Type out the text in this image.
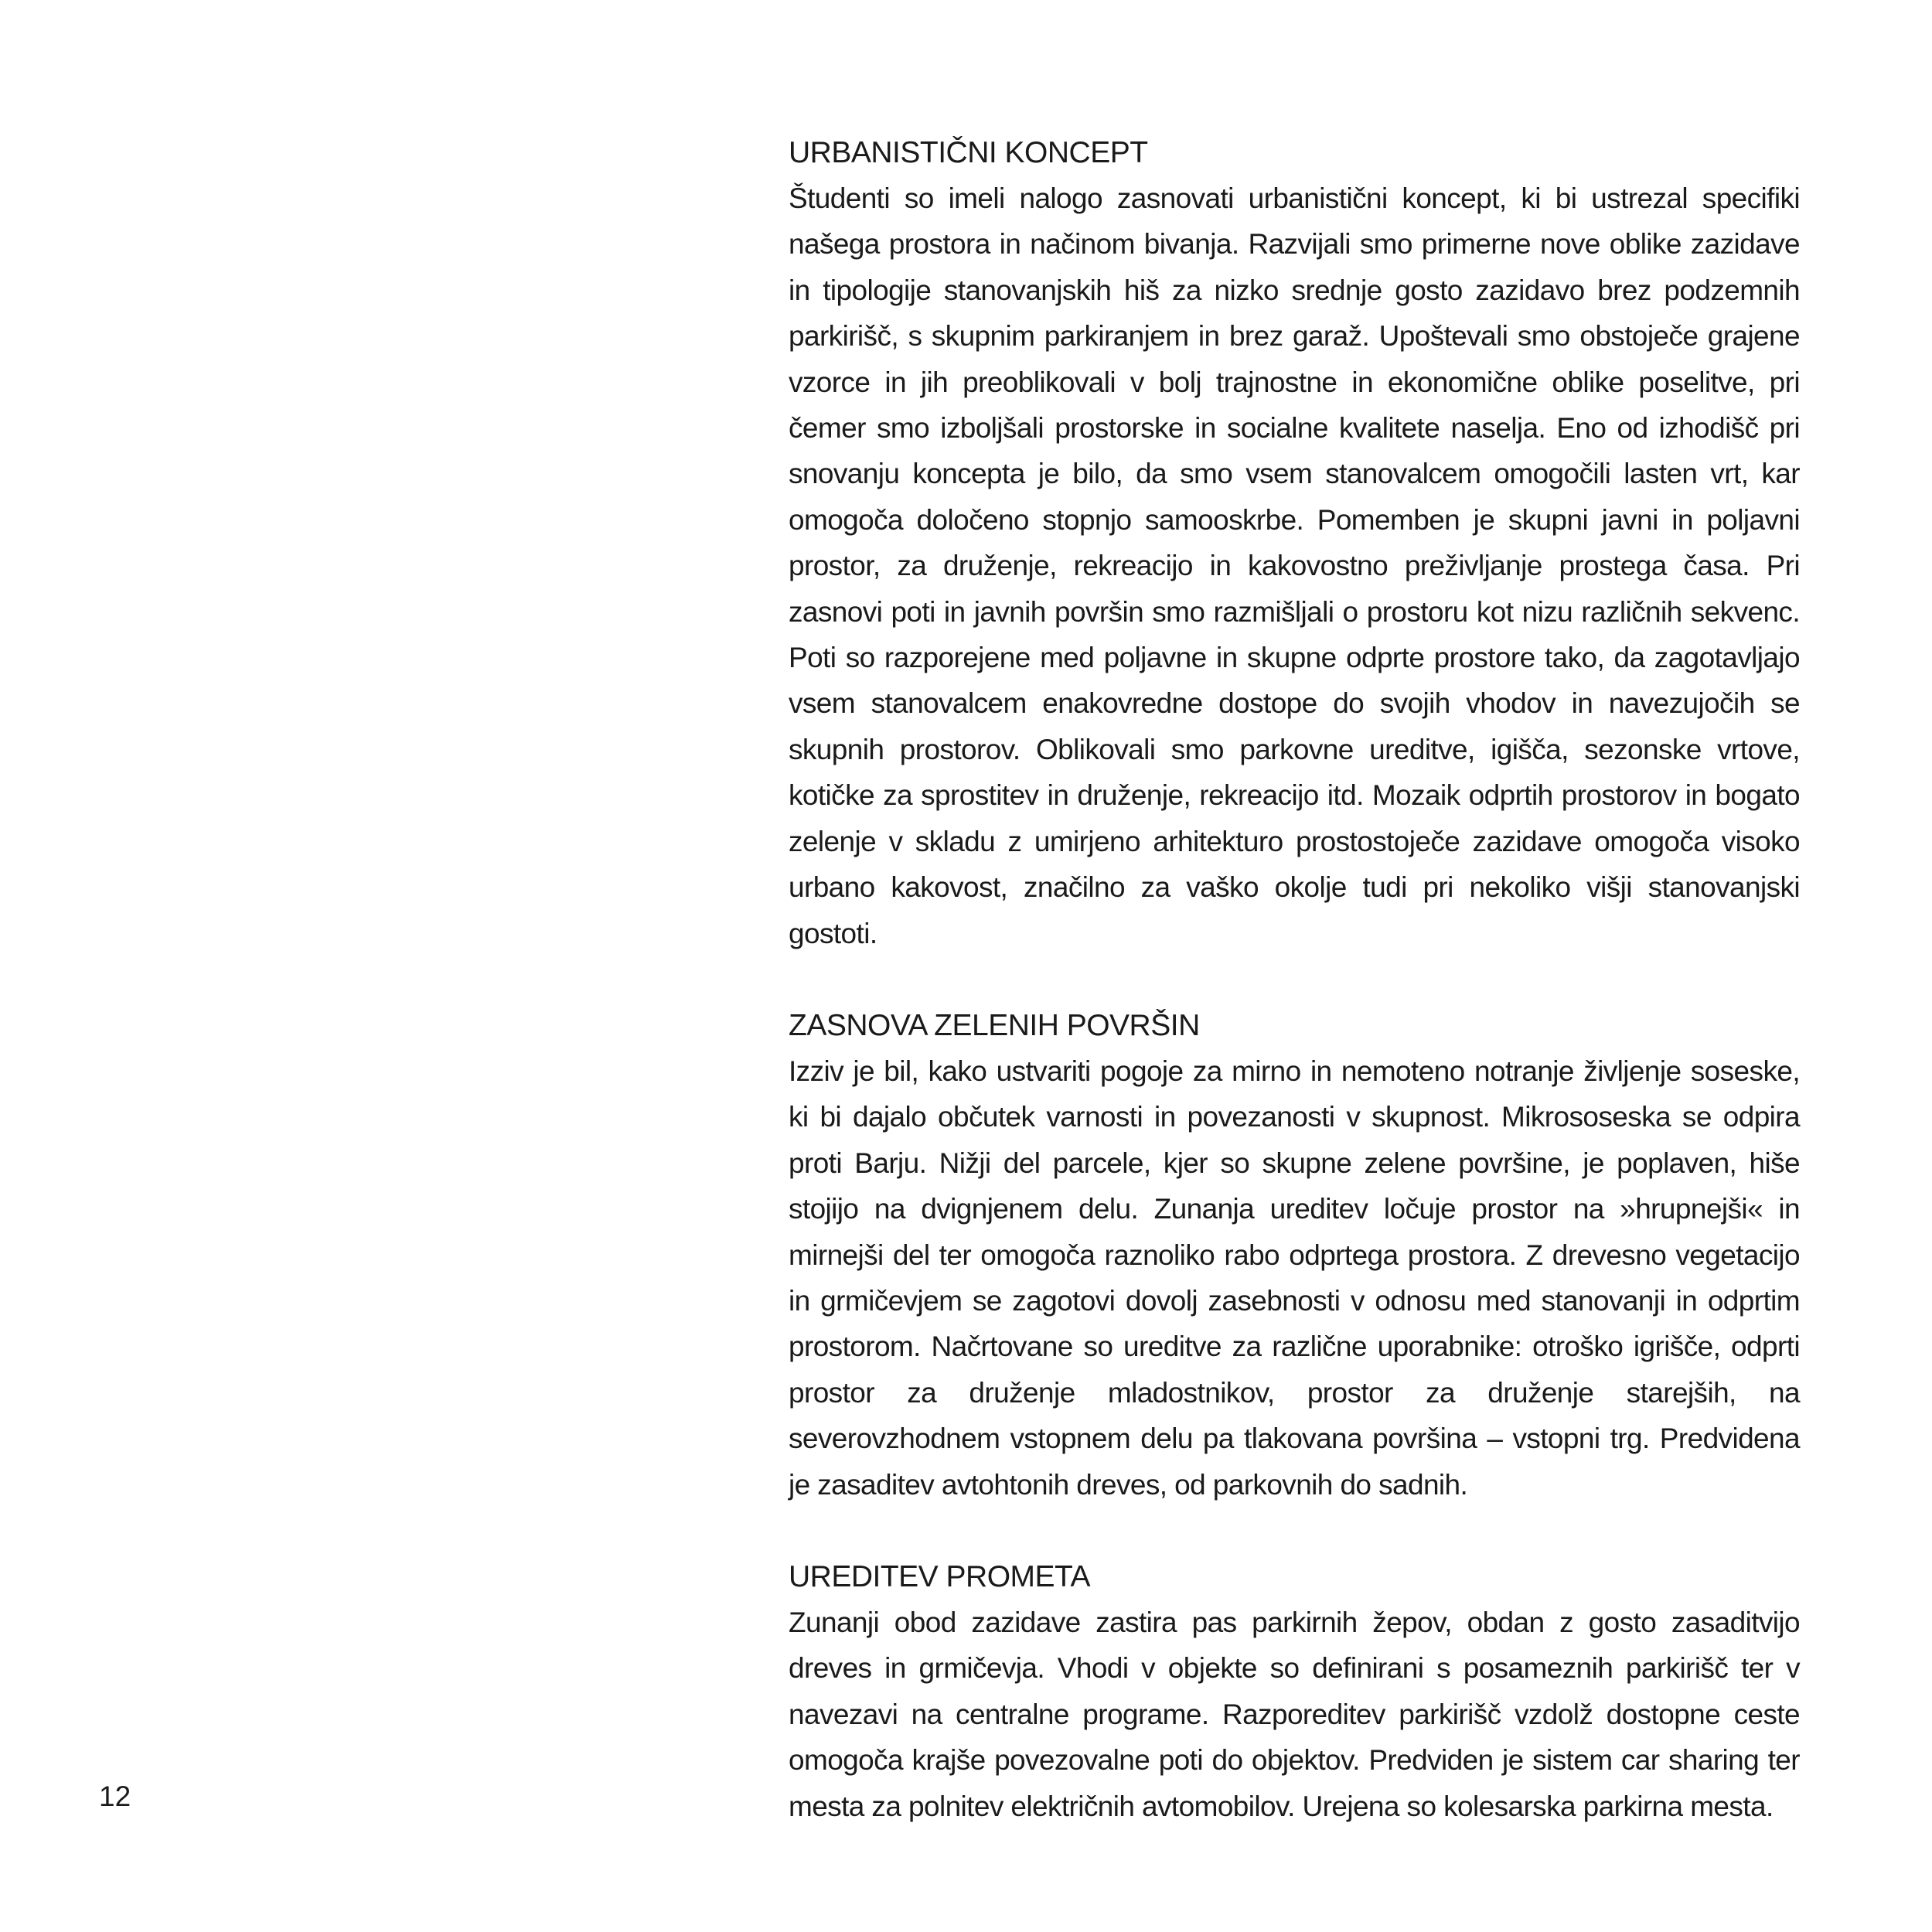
URBANISTIČNI KONCEPT

Študenti so imeli nalogo zasnovati urbanistični koncept, ki bi ustrezal specifiki našega prostora in načinom bivanja. Razvijali smo primerne nove oblike zazidave in tipologije stanovanjskih hiš za nizko srednje gosto zazidavo brez podzemnih parkirišč, s skupnim parkiranjem in brez garaž. Upoštevali smo obstoječe grajene vzorce in jih preoblikovali v bolj trajnostne in ekonomične oblike poselitve, pri čemer smo izboljšali prostorske in socialne kvalitete naselja. Eno od izhodišč pri snovanju koncepta je bilo, da smo vsem stanovalcem omogočili lasten vrt, kar omogoča določeno stopnjo samooskrbe. Pomemben je skupni javni in poljavni prostor, za druženje, rekreacijo in kakovostno preživljanje prostega časa. Pri zasnovi poti in javnih površin smo razmišljali o prostoru kot nizu različnih sekvenc. Poti so razporejene med poljavne in skupne odprte prostore tako, da zagotavljajo vsem stanovalcem enakovredne dostope do svojih vhodov in navezujočih se skupnih prostorov. Oblikovali smo parkovne ureditve, igišča, sezonske vrtove, kotičke za sprostitev in druženje, rekreacijo itd. Mozaik odprtih prostorov in bogato zelenje v skladu z umirjeno arhitekturo prostostoječe zazidave omogoča visoko urbano kakovost, značilno za vaško okolje tudi pri nekoliko višji stanovanjski gostoti.

ZASNOVA ZELENIH POVRŠIN

Izziv je bil, kako ustvariti pogoje za mirno in nemoteno notranje življenje soseske, ki bi dajalo občutek varnosti in povezanosti v skupnost. Mikrososeska se odpira proti Barju. Nižji del parcele, kjer so skupne zelene površine, je poplaven, hiše stojijo na dvignjenem delu. Zunanja ureditev ločuje prostor na »hrupnejši« in mirnejši del ter omogoča raznoliko rabo odprtega prostora. Z drevesno vegetacijo in grmičevjem se zagotovi dovolj zasebnosti v odnosu med stanovanji in odprtim prostorom. Načrtovane so ureditve za različne uporabnike: otroško igrišče, odprti prostor za druženje mladostnikov, prostor za druženje starejših, na severovzhodnem vstopnem delu pa tlakovana površina – vstopni trg. Predvidena je zasaditev avtohtonih dreves, od parkovnih do sadnih.

UREDITEV PROMETA

Zunanji obod zazidave zastira pas parkirnih žepov, obdan z gosto zasaditvijo dreves in grmičevja. Vhodi v objekte so definirani s posameznih parkirišč ter v navezavi na centralne programe. Razporeditev parkirišč vzdolž dostopne ceste omogoča krajše povezovalne poti do objektov. Predviden je sistem car sharing ter mesta za polnitev električnih avtomobilov. Urejena so kolesarska parkirna mesta.

12
